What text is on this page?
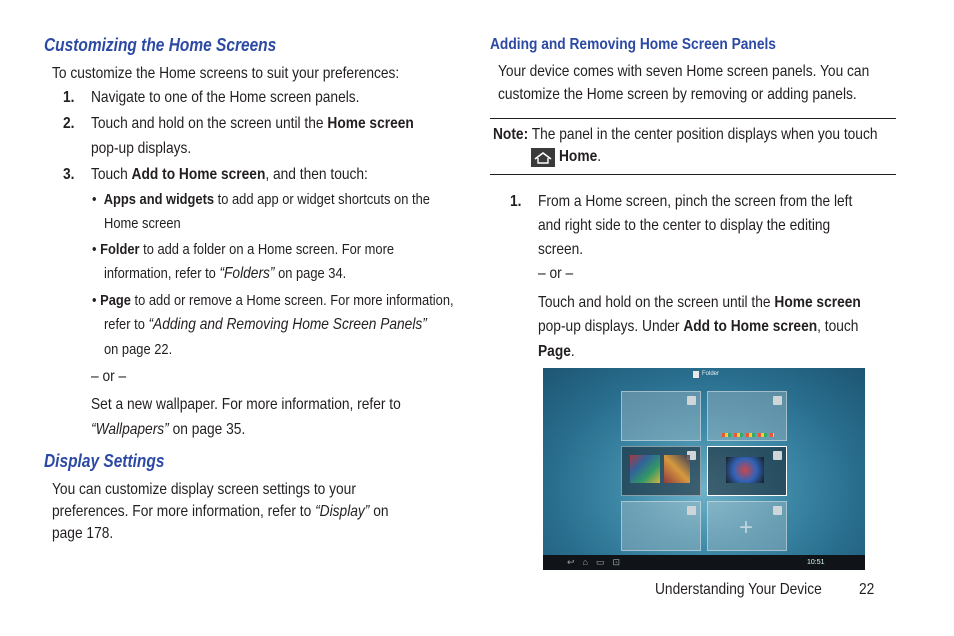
Customizing the Home Screens
To customize the Home screens to suit your preferences:
1. Navigate to one of the Home screen panels.
2. Touch and hold on the screen until the Home screen
pop-up displays.
3. Touch Add to Home screen, and then touch:
•  Apps and widgets to add app or widget shortcuts on the
Home screen
• Folder to add a folder on a Home screen. For more
information, refer to “Folders” on page 34.
• Page to add or remove a Home screen. For more information,
refer to “Adding and Removing Home Screen Panels”
on page 22.
– or –
Set a new wallpaper. For more information, refer to
“Wallpapers” on page 35.
Display Settings
You can customize display screen settings to your
preferences. For more information, refer to “Display” on
page 178.
Adding and Removing Home Screen Panels
Your device comes with seven Home screen panels. You can
customize the Home screen by removing or adding panels.
Note: The panel in the center position displays when you touch
Home.
1. From a Home screen, pinch the screen from the left
and right side to the center to display the editing
screen.
– or –
Touch and hold on the screen until the Home screen
pop-up displays. Under Add to Home screen, touch
Page.
Folder
+
↩⌂▭⊡	10:51
Understanding Your Device	22
